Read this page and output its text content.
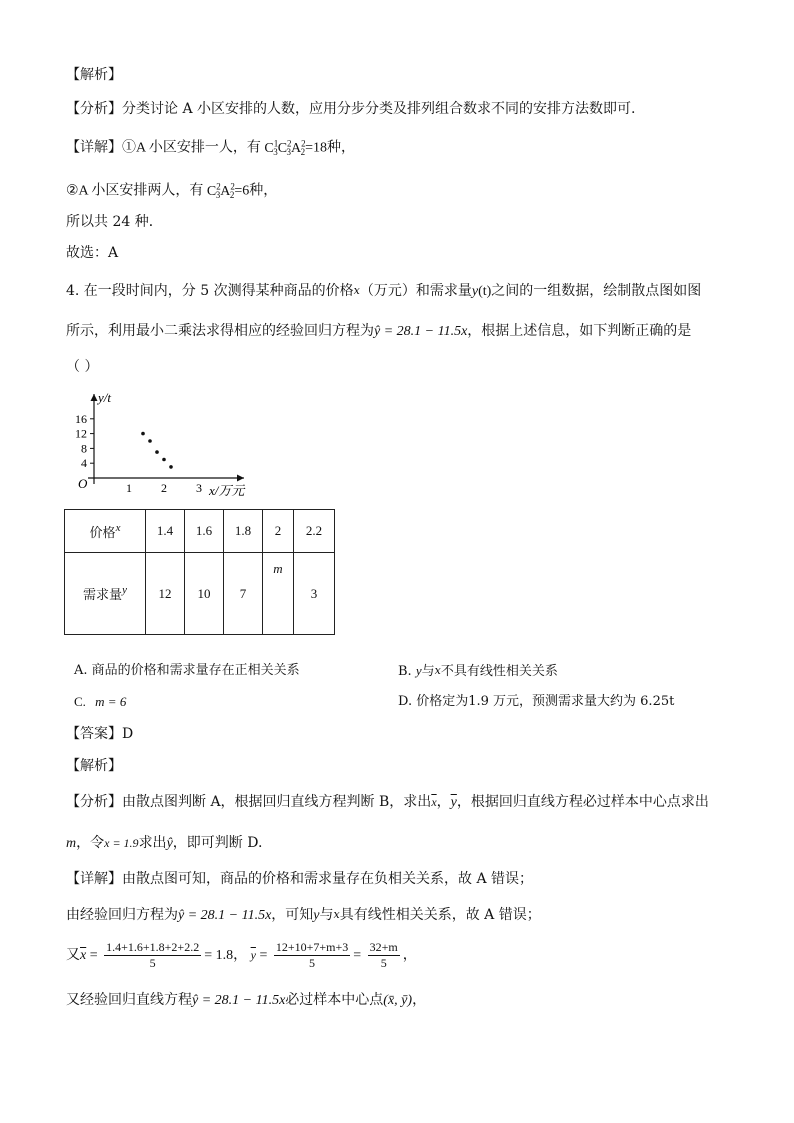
【解析】
【分析】分类讨论 A 小区安排的人数，应用分步分类及排列组合数求不同的安排方法数即可.
【详解】①A 小区安排一人，有 $C^1_3C^2_3A^2_2=18$种，
②A 小区安排两人，有 $C^2_3A^2_2=6$种，
所以共 24 种．
故选：A
4. 在一段时间内，分 5 次测得某种商品的价格$^x$（万元）和需求量y(t)之间的一组数据，绘制散点图如图
所示，利用最小二乘法求得相应的经验回归方程为ŷ = 28.1 − 11.5x，根据上述信息，如下判断正确的是
（ ）
y/t
x/万元
O
16
12
8
4
1 2 3
价格$^x$	1.4	1.6	1.8	2	2.2
需求量$^y$	12	10	7	m	3
A. 商品的价格和需求量存在正相关关系	B. y与$^x$不具有线性相关关系
C. m = 6	D. 价格定为1.9 万元，预测需求量大约为 6.25t
【答案】D
【解析】
【分析】由散点图判断 A，根据回归直线方程判断 B，求出$\overline{x}$，$\overline{y}$，根据回归直线方程必过样本中心点求出
m，令x = 1.9求出ŷ，即可判断 D.
【详解】由散点图可知，商品的价格和需求量存在负相关关系，故 A 错误；
由经验回归方程为ŷ = 28.1 − 11.5x，可知y与$^x$具有线性相关关系，故 A 错误；
又$\overline{x} = \frac{1.4+1.6+1.8+2+2.2}{5} = 1.8$， $\overline{y} = \frac{12+10+7+m+3}{5} = \frac{32+m}{5}$ ，
又经验回归直线方程ŷ = 28.1 − 11.5x必过样本中心点(x̄, ȳ)，
